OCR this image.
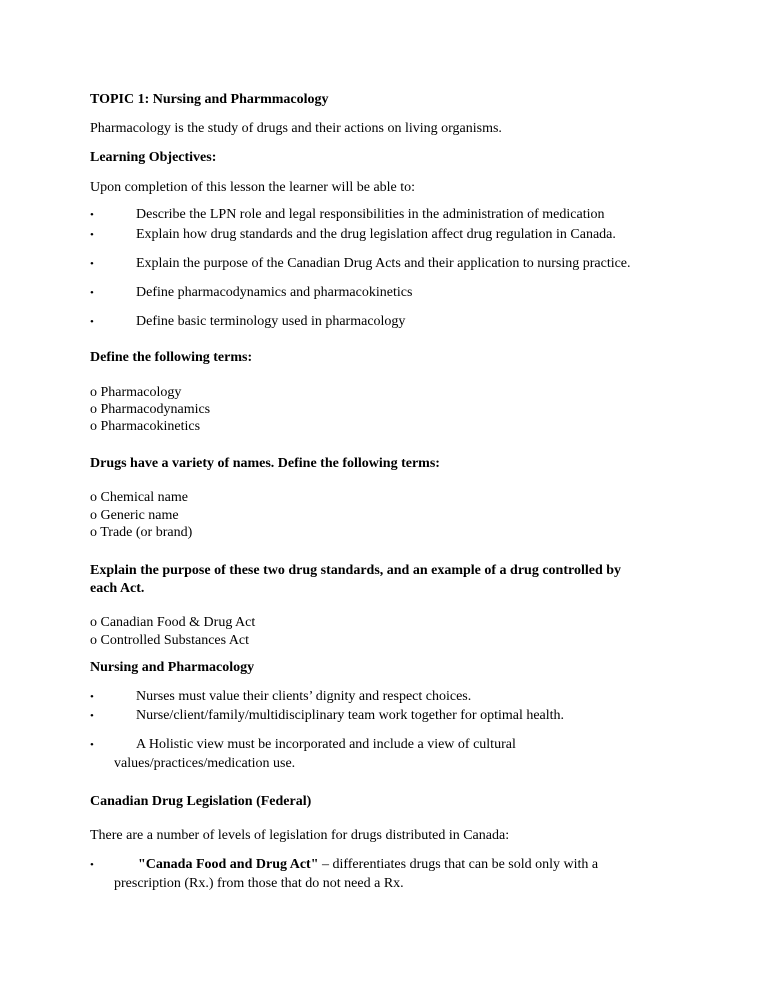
TOPIC 1: Nursing and Pharmmacology
Pharmacology is the study of drugs and their actions on living organisms.
Learning Objectives:
Upon completion of this lesson the learner will be able to:
•	Describe the LPN role and legal responsibilities in the administration of medication
•	Explain how drug standards and the drug legislation affect drug regulation in Canada.
•	Explain the purpose of the Canadian Drug Acts and their application to nursing practice.
•	Define pharmacodynamics and pharmacokinetics
•	Define basic terminology used in pharmacology
Define the following terms:
o Pharmacology
o Pharmacodynamics
o Pharmacokinetics
Drugs have a variety of names. Define the following terms:
o Chemical name
o Generic name
o Trade (or brand)
Explain the purpose of these two drug standards, and an example of a drug controlled by
each Act.
o Canadian Food & Drug Act
o Controlled Substances Act
Nursing and Pharmacology
•	Nurses must value their clients’ dignity and respect choices.
•	Nurse/client/family/multidisciplinary team work together for optimal health.
•	A Holistic view must be incorporated and include a view of cultural
values/practices/medication use.
Canadian Drug Legislation (Federal)
There are a number of levels of legislation for drugs distributed in Canada:
•	"Canada Food and Drug Act" – differentiates drugs that can be sold only with a
prescription (Rx.) from those that do not need a Rx.
